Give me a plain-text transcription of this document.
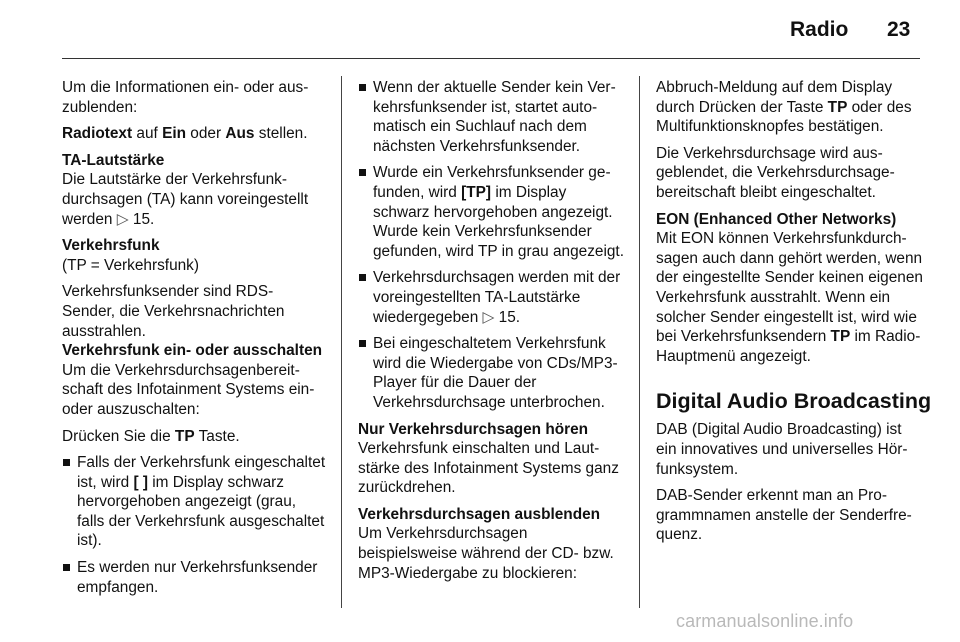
Radio 23

Um die Informationen ein- oder auszublenden:

Radiotext auf Ein oder Aus stellen.

TA-Lautstärke

Die Lautstärke der Verkehrsfunkdurchsagen (TA) kann voreingestellt werden ▷ 15.

Verkehrsfunk

(TP = Verkehrsfunk)

Verkehrsfunksender sind RDS-Sender, die Verkehrsnachrichten ausstrahlen.

Verkehrsfunk ein- oder ausschalten

Um die Verkehrsdurchsagenbereitschaft des Infotainment Systems ein- oder auszuschalten:

Drücken Sie die TP Taste.

Falls der Verkehrsfunk eingeschaltet ist, wird [ ] im Display schwarz hervorgehoben angezeigt (grau, falls der Verkehrsfunk ausgeschaltet ist).
Es werden nur Verkehrsfunksender empfangen.
Wenn der aktuelle Sender kein Verkehrsfunksender ist, startet automatisch ein Suchlauf nach dem nächsten Verkehrsfunksender.
Wurde ein Verkehrsfunksender gefunden, wird [TP] im Display schwarz hervorgehoben angezeigt. Wurde kein Verkehrsfunksender gefunden, wird TP in grau angezeigt.
Verkehrsdurchsagen werden mit der voreingestellten TA-Lautstärke wiedergegeben ▷ 15.
Bei eingeschaltetem Verkehrsfunk wird die Wiedergabe von CDs/MP3-Player für die Dauer der Verkehrsdurchsage unterbrochen.

Nur Verkehrsdurchsagen hören

Verkehrsfunk einschalten und Lautstärke des Infotainment Systems ganz zurückdrehen.

Verkehrsdurchsagen ausblenden

Um Verkehrsdurchsagen beispielsweise während der CD- bzw. MP3-Wiedergabe zu blockieren:

Abbruch-Meldung auf dem Display durch Drücken der Taste TP oder des Multifunktionsknopfes bestätigen.

Die Verkehrsdurchsage wird ausgeblendet, die Verkehrsdurchsagebereitschaft bleibt eingeschaltet.

EON (Enhanced Other Networks)

Mit EON können Verkehrsfunkdurchsagen auch dann gehört werden, wenn der eingestellte Sender keinen eigenen Verkehrsfunk ausstrahlt. Wenn ein solcher Sender eingestellt ist, wird wie bei Verkehrsfunksendern TP im Radio-Hauptmenü angezeigt.

Digital Audio Broadcasting

DAB (Digital Audio Broadcasting) ist ein innovatives und universelles Hörfunksystem.

DAB-Sender erkennt man an Programmnamen anstelle der Senderfrequenz.

carmanualsonline.info
